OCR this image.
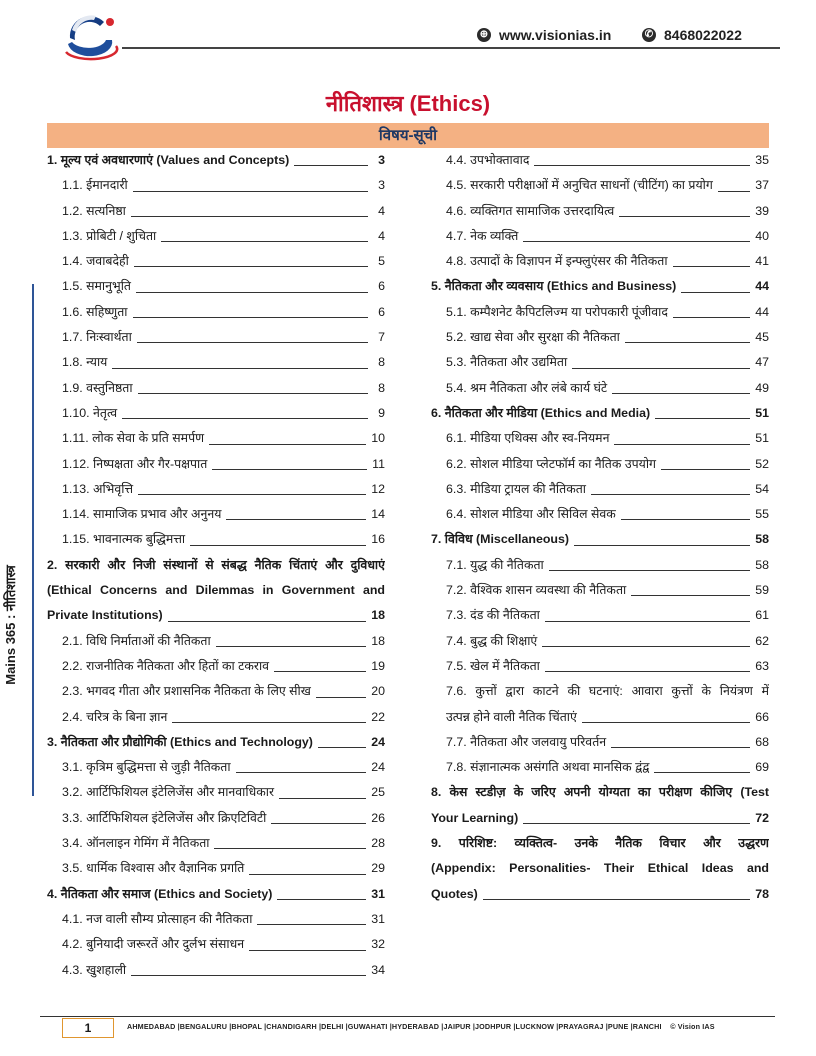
⊕ www.visionias.in	✆ 8468022022
नीतिशास्त्र (Ethics)
विषय-सूची
Mains 365 : नीतिशास्त्र
1. मूल्य एवं अवधारणाएं (Values and Concepts)	3
1.1. ईमानदारी	3
1.2. सत्यनिष्ठा	4
1.3. प्रोबिटी / शुचिता	4
1.4. जवाबदेही	5
1.5. समानुभूति	6
1.6. सहिष्णुता	6
1.7. निःस्वार्थता	7
1.8. न्याय	8
1.9. वस्तुनिष्ठता	8
1.10. नेतृत्व	9
1.11. लोक सेवा के प्रति समर्पण	10
1.12. निष्पक्षता और गैर-पक्षपात	11
1.13. अभिवृत्ति	12
1.14. सामाजिक प्रभाव और अनुनय	14
1.15. भावनात्मक बुद्धिमत्ता	16
2. सरकारी और निजी संस्थानों से संबद्ध नैतिक चिंताएं और दुविधाएं
(Ethical Concerns and Dilemmas in Government and
Private Institutions)	18
2.1. विधि निर्माताओं की नैतिकता	18
2.2. राजनीतिक नैतिकता और हितों का टकराव	19
2.3. भगवद गीता और प्रशासनिक नैतिकता के लिए सीख	20
2.4. चरित्र के बिना ज्ञान	22
3. नैतिकता और प्रौद्योगिकी (Ethics and Technology)	24
3.1. कृत्रिम बुद्धिमत्ता से जुड़ी नैतिकता	24
3.2. आर्टिफिशियल इंटेलिजेंस और मानवाधिकार	25
3.3. आर्टिफिशियल इंटेलिजेंस और क्रिएटिविटी	26
3.4. ऑनलाइन गेमिंग में नैतिकता	28
3.5. धार्मिक विश्वास और वैज्ञानिक प्रगति	29
4. नैतिकता और समाज (Ethics and Society)	31
4.1. नज वाली सौम्य प्रोत्साहन की नैतिकता	31
4.2. बुनियादी जरूरतें और दुर्लभ संसाधन	32
4.3. खुशहाली	34
4.4. उपभोक्तावाद	35
4.5. सरकारी परीक्षाओं में अनुचित साधनों (चीटिंग) का प्रयोग	37
4.6. व्यक्तिगत सामाजिक उत्तरदायित्व	39
4.7. नेक व्यक्ति	40
4.8. उत्पादों के विज्ञापन में इन्फ्लुएंसर की नैतिकता	41
5. नैतिकता और व्यवसाय (Ethics and Business)	44
5.1. कम्पैशनेट कैपिटलिज्म या परोपकारी पूंजीवाद	44
5.2. खाद्य सेवा और सुरक्षा की नैतिकता	45
5.3. नैतिकता और उद्यमिता	47
5.4. श्रम नैतिकता और लंबे कार्य घंटे	49
6. नैतिकता और मीडिया (Ethics and Media)	51
6.1. मीडिया एथिक्स और स्व-नियमन	51
6.2. सोशल मीडिया प्लेटफॉर्म का नैतिक उपयोग	52
6.3. मीडिया ट्रायल की नैतिकता	54
6.4. सोशल मीडिया और सिविल सेवक	55
7. विविध (Miscellaneous)	58
7.1. युद्ध की नैतिकता	58
7.2. वैश्विक शासन व्यवस्था की नैतिकता	59
7.3. दंड की नैतिकता	61
7.4. बुद्ध की शिक्षाएं	62
7.5. खेल में नैतिकता	63
7.6. कुत्तों द्वारा काटने की घटनाएं: आवारा कुत्तों के नियंत्रण में
उत्पन्न होने वाली नैतिक चिंताएं	66
7.7. नैतिकता और जलवायु परिवर्तन	68
7.8. संज्ञानात्मक असंगति अथवा मानसिक द्वंद्व	69
8. केस स्टडीज़ के जरिए अपनी योग्यता का परीक्षण कीजिए (Test
Your Learning)	72
9. परिशिष्ट: व्यक्तित्व- उनके नैतिक विचार और उद्धरण
(Appendix: Personalities- Their Ethical Ideas and
Quotes)	78
1	AHMEDABAD |BENGALURU |BHOPAL |CHANDIGARH |DELHI |GUWAHATI |HYDERABAD |JAIPUR |JODHPUR |LUCKNOW |PRAYAGRAJ |PUNE |RANCHI © Vision IAS
